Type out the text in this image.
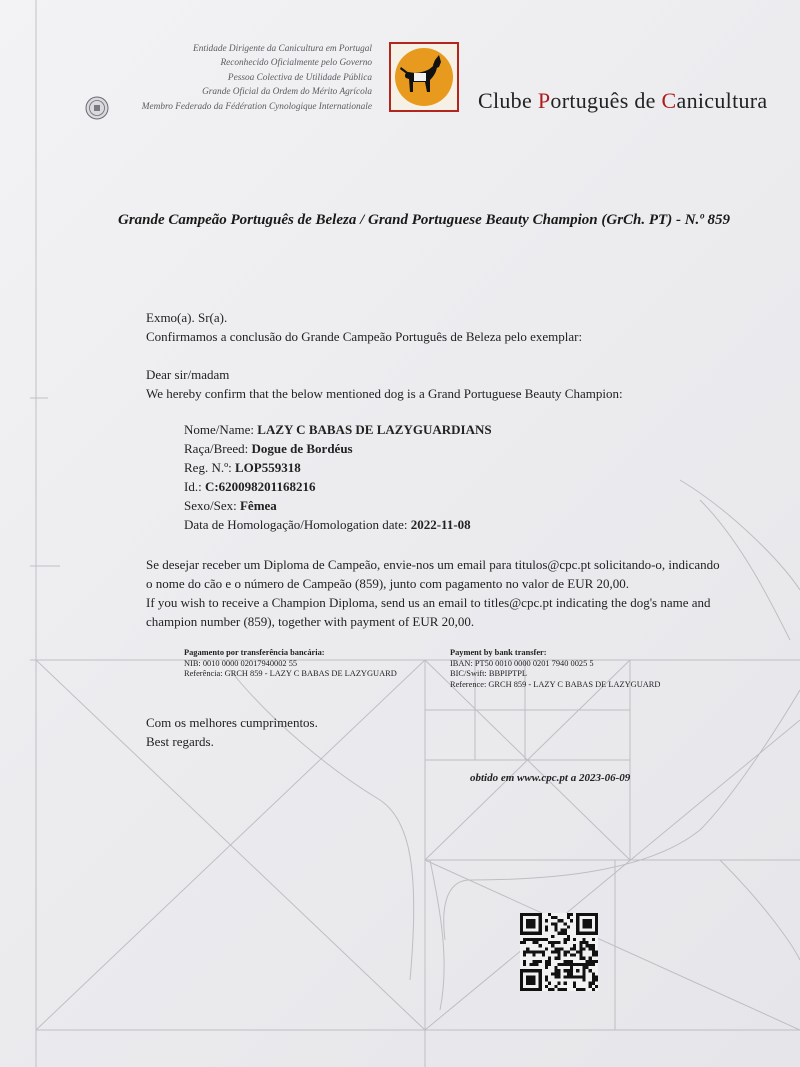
Entidade Dirigente da Canicultura em Portugal
Reconhecido Oficialmente pelo Governo
Pessoa Colectiva de Utilidade Pública
Grande Oficial da Ordem do Mérito Agrícola
Membro Federado da Fédération Cynologique Internationale	Clube Português de Canicultura
Grande Campeão Português de Beleza / Grand Portuguese Beauty Champion (GrCh. PT) - N.º 859
Exmo(a). Sr(a).
Confirmamos a conclusão do Grande Campeão Português de Beleza pelo exemplar:
Dear sir/madam
We hereby confirm that the below mentioned dog is a Grand Portuguese Beauty Champion:
Nome/Name: LAZY C BABAS DE LAZYGUARDIANS
Raça/Breed: Dogue de Bordéus
Reg. N.º: LOP559318
Id.: C:620098201168216
Sexo/Sex: Fêmea
Data de Homologação/Homologation date: 2022-11-08
Se desejar receber um Diploma de Campeão, envie-nos um email para titulos@cpc.pt solicitando-o, indicando
o nome do cão e o número de Campeão (859), junto com pagamento no valor de EUR 20,00.
If you wish to receive a Champion Diploma, send us an email to titles@cpc.pt indicating the dog's name and
champion number (859), together with payment of EUR 20,00.
Pagamento por transferência bancária:
NIB: 0010 0000 02017940002 55
Referência: GRCH 859 - LAZY C BABAS DE LAZYGUARD
Payment by bank transfer:
IBAN: PT50 0010 0000 0201 7940 0025 5
BIC/Swift: BBPIPTPL
Reference: GRCH 859 - LAZY C BABAS DE LAZYGUARD
Com os melhores cumprimentos.
Best regards.
obtido em www.cpc.pt a 2023-06-09
